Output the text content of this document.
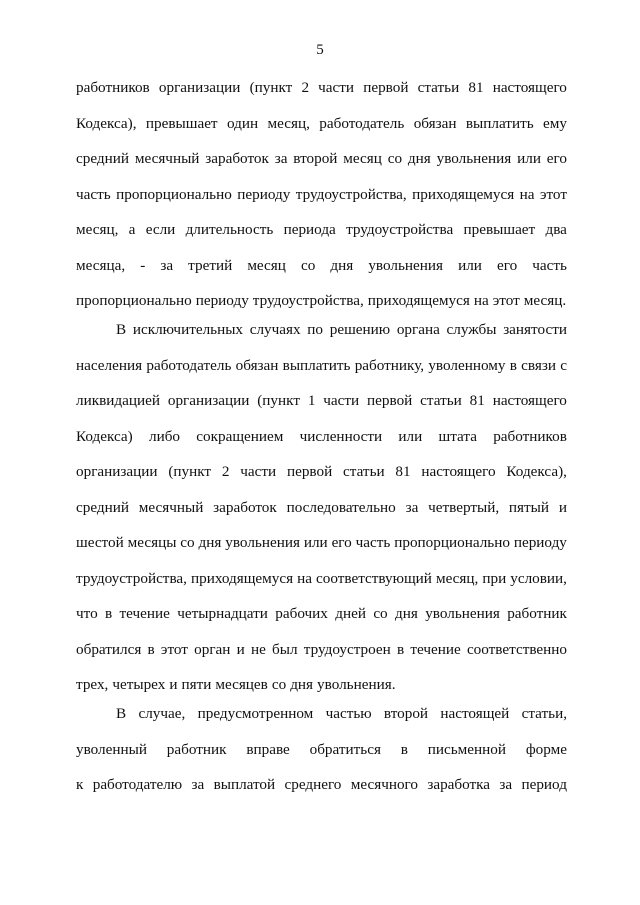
5
работников организации (пункт 2 части первой статьи 81 настоящего
Кодекса), превышает один месяц, работодатель обязан выплатить ему
средний месячный заработок за второй месяц со дня увольнения или его
часть пропорционально периоду трудоустройства, приходящемуся на этот
месяц, а если длительность периода трудоустройства превышает два
месяца, - за третий месяц со дня увольнения или его часть
пропорционально периоду трудоустройства, приходящемуся на этот месяц.
В исключительных случаях по решению органа службы занятости
населения работодатель обязан выплатить работнику, уволенному в связи с
ликвидацией организации (пункт 1 части первой статьи 81 настоящего
Кодекса) либо сокращением численности или штата работников
организации (пункт 2 части первой статьи 81 настоящего Кодекса),
средний месячный заработок последовательно за четвертый, пятый и
шестой месяцы со дня увольнения или его часть пропорционально периоду
трудоустройства, приходящемуся на соответствующий месяц, при условии,
что в течение четырнадцати рабочих дней со дня увольнения работник
обратился в этот орган и не был трудоустроен в течение соответственно
трех, четырех и пяти месяцев со дня увольнения.
В случае, предусмотренном частью второй настоящей статьи,
уволенный работник вправе обратиться в письменной форме
к работодателю за выплатой среднего месячного заработка за период
